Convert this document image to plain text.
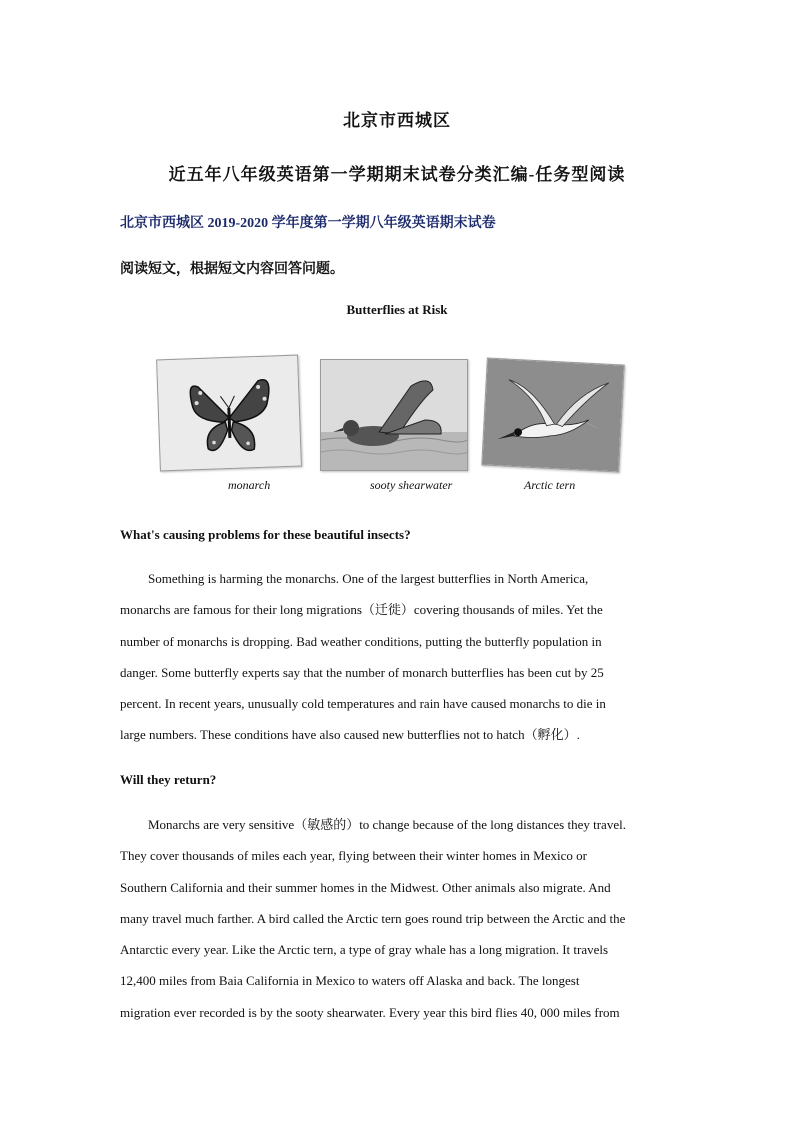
北京市西城区
近五年八年级英语第一学期期末试卷分类汇编-任务型阅读
北京市西城区 2019-2020 学年度第一学期八年级英语期末试卷
阅读短文，根据短文内容回答问题。
Butterflies at Risk
monarch	sooty shearwater	Arctic tern
What's causing problems for these beautiful insects?
Something is harming the monarchs. One of the largest butterflies in North America,
monarchs are famous for their long migrations（迁徙）covering thousands of miles. Yet the
number of monarchs is dropping. Bad weather conditions, putting the butterfly population in
danger. Some butterfly experts say that the number of monarch butterflies has been cut by 25
percent. In recent years, unusually cold temperatures and rain have caused monarchs to die in
large numbers. These conditions have also caused new butterflies not to hatch（孵化）.
Will they return?
Monarchs are very sensitive（敏感的）to change because of the long distances they travel.
They cover thousands of miles each year, flying between their winter homes in Mexico or
Southern California and their summer homes in the Midwest. Other animals also migrate. And
many travel much farther. A bird called the Arctic tern goes round trip between the Arctic and the
Antarctic every year. Like the Arctic tern, a type of gray whale has a long migration. It travels
12,400 miles from Baia California in Mexico to waters off Alaska and back. The longest
migration ever recorded is by the sooty shearwater. Every year this bird flies 40, 000 miles from
